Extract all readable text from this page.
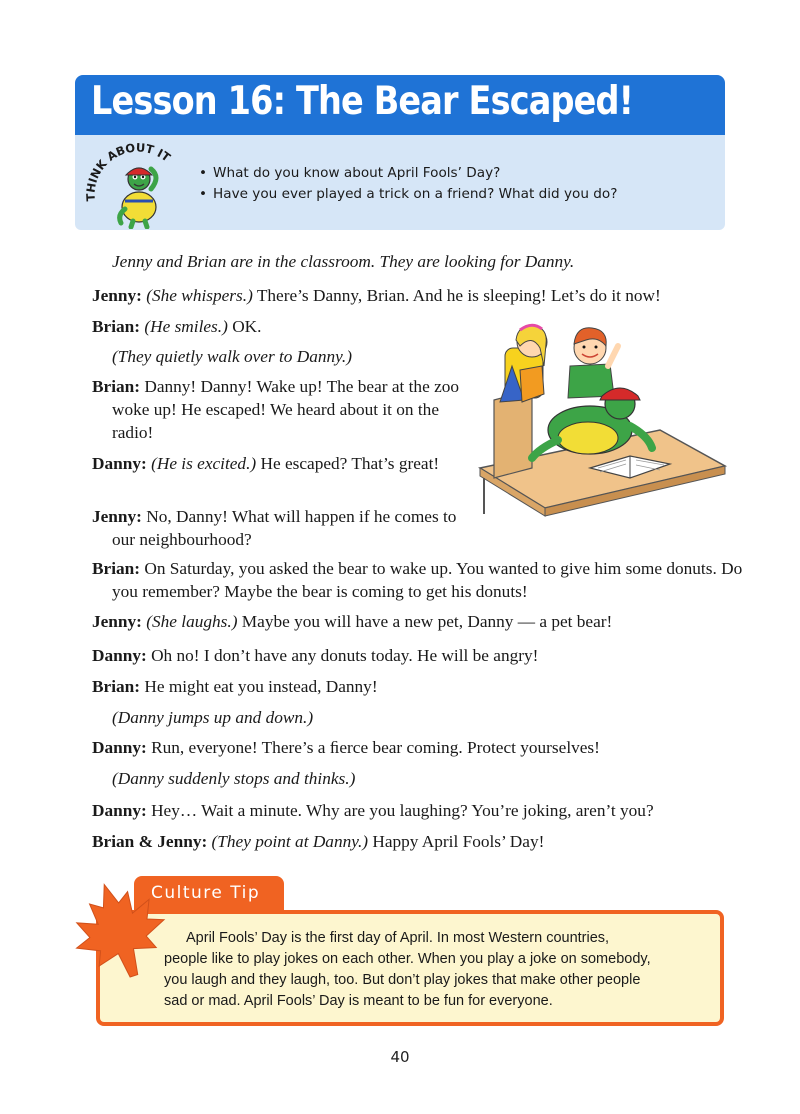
Lesson 16: The Bear Escaped!
THINK ABOUT IT
• What do you know about April Fools’ Day?
• Have you ever played a trick on a friend? What did you do?

Jenny and Brian are in the classroom. They are looking for Danny.

Jenny: (She whispers.) There’s Danny, Brian. And he is sleeping! Let’s do it now!

Brian: (He smiles.) OK.

(They quietly walk over to Danny.)

Brian: Danny! Danny! Wake up! The bear at the zoo woke up! He escaped! We heard about it on the radio!

Danny: (He is excited.) He escaped? That’s great!

Jenny: No, Danny! What will happen if he comes to our neighbourhood?

Brian: On Saturday, you asked the bear to wake up. You wanted to give him some donuts. Do you remember? Maybe the bear is coming to get his donuts!

Jenny: (She laughs.) Maybe you will have a new pet, Danny — a pet bear!

Danny: Oh no! I don’t have any donuts today. He will be angry!

Brian: He might eat you instead, Danny!

(Danny jumps up and down.)

Danny: Run, everyone! There’s a ﬁerce bear coming. Protect yourselves!

(Danny suddenly stops and thinks.)

Danny: Hey… Wait a minute. Why are you laughing? You’re joking, aren’t you?

Brian & Jenny: (They point at Danny.) Happy April Fools’ Day!

April Fools’ Day is the first day of April. In most Western countries,
people like to play jokes on each other. When you play a joke on somebody,
you laugh and they laugh, too. But don’t play jokes that make other people
sad or mad. April Fools’ Day is meant to be fun for everyone.
Culture Tip
40
